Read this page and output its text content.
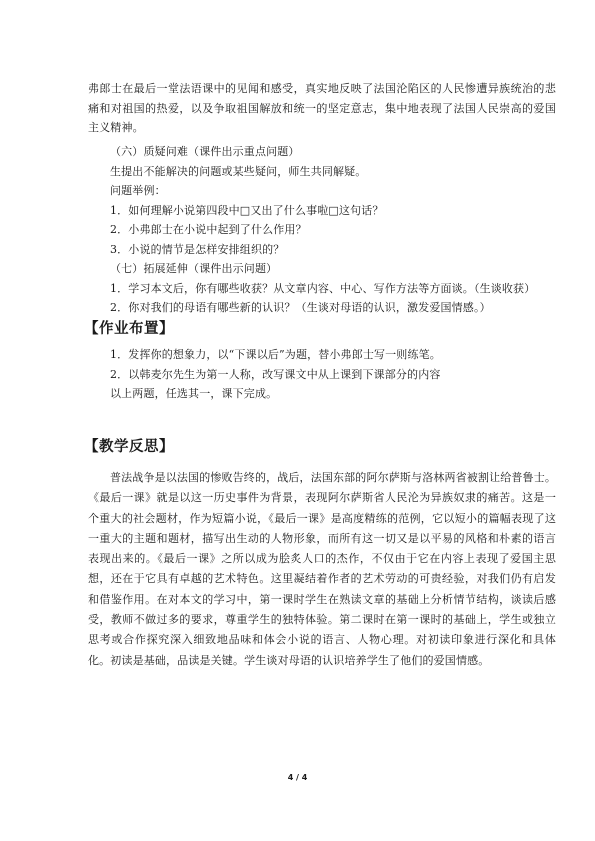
弗郎士在最后一堂法语课中的见闻和感受，真实地反映了法国沦陷区的人民惨遭异族统治的悲痛和对祖国的热爱，以及争取祖国解放和统一的坚定意志，集中地表现了法国人民崇高的爱国主义精神。

（六）质疑问难（课件出示重点问题）

生提出不能解决的问题或某些疑问，师生共同解疑。

问题举例：

1．如何理解小说第四段中□又出了什么事啦□这句话？

2．小弗郎士在小说中起到了什么作用？

3．小说的情节是怎样安排组织的？

（七）拓展延伸（课件出示问题）

1．学习本文后，你有哪些收获？从文章内容、中心、写作方法等方面谈。（生谈收获）

2．你对我们的母语有哪些新的认识？（生谈对母语的认识，激发爱国情感。）

【作业布置】

1．发挥你的想象力，以“下课以后”为题，替小弗郎士写一则练笔。

2．以韩麦尔先生为第一人称，改写课文中从上课到下课部分的内容

以上两题，任选其一，课下完成。

【教学反思】

普法战争是以法国的惨败告终的，战后，法国东部的阿尔萨斯与洛林两省被割让给普鲁士。《最后一课》就是以这一历史事件为背景，表现阿尔萨斯省人民沦为异族奴隶的痛苦。这是一个重大的社会题材，作为短篇小说，《最后一课》是高度精练的范例，它以短小的篇幅表现了这一重大的主题和题材，描写出生动的人物形象，而所有这一切又是以平易的风格和朴素的语言表现出来的。《最后一课》之所以成为脍炙人口的杰作，不仅由于它在内容上表现了爱国主思想，还在于它具有卓越的艺术特色。这里凝结着作者的艺术劳动的可贵经验，对我们仍有启发和借鉴作用。在对本文的学习中，第一课时学生在熟读文章的基础上分析情节结构，谈读后感受，教师不做过多的要求，尊重学生的独特体验。第二课时在第一课时的基础上，学生或独立思考或合作探究深入细致地品味和体会小说的语言、人物心理。对初读印象进行深化和具体化。初读是基础，品读是关键。学生谈对母语的认识培养学生了他们的爱国情感。

4 / 4
